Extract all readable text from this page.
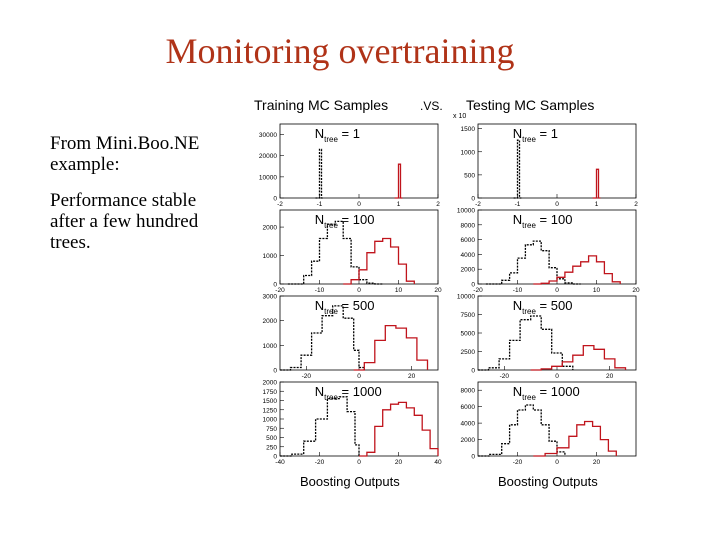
Monitoring overtraining
From Mini.Boo.NE example:
Performance stable after a few hundred trees.
Training MC Samples	.VS. Testing MC Samples
x 10
Boosting Outputs	Boosting Outputs
0
10000
20000
30000
-2	-1	0	1	2
$N_{tree} = 1$
0
500
1000
1500
-2	-1	0	1	2
$N_{tree} = 1$
0
1000
2000
-20	-10	0	10	20
$N_{tree} = 100$
0
2000
4000
6000
8000
10000
-20	-10	0	10	20
$N_{tree} = 100$
0
1000
2000
3000
-20	0	20
$N_{tree} = 500$
0
2500
5000
7500
10000
-20	0	20
$N_{tree} = 500$
0
250
500
750
1000
1250
1500
1750
2000
-40	-20	0	20	40
$N_{tree} = 1000$
0
2000
4000
6000
8000
-20	0	20
$N_{tree} = 1000$
